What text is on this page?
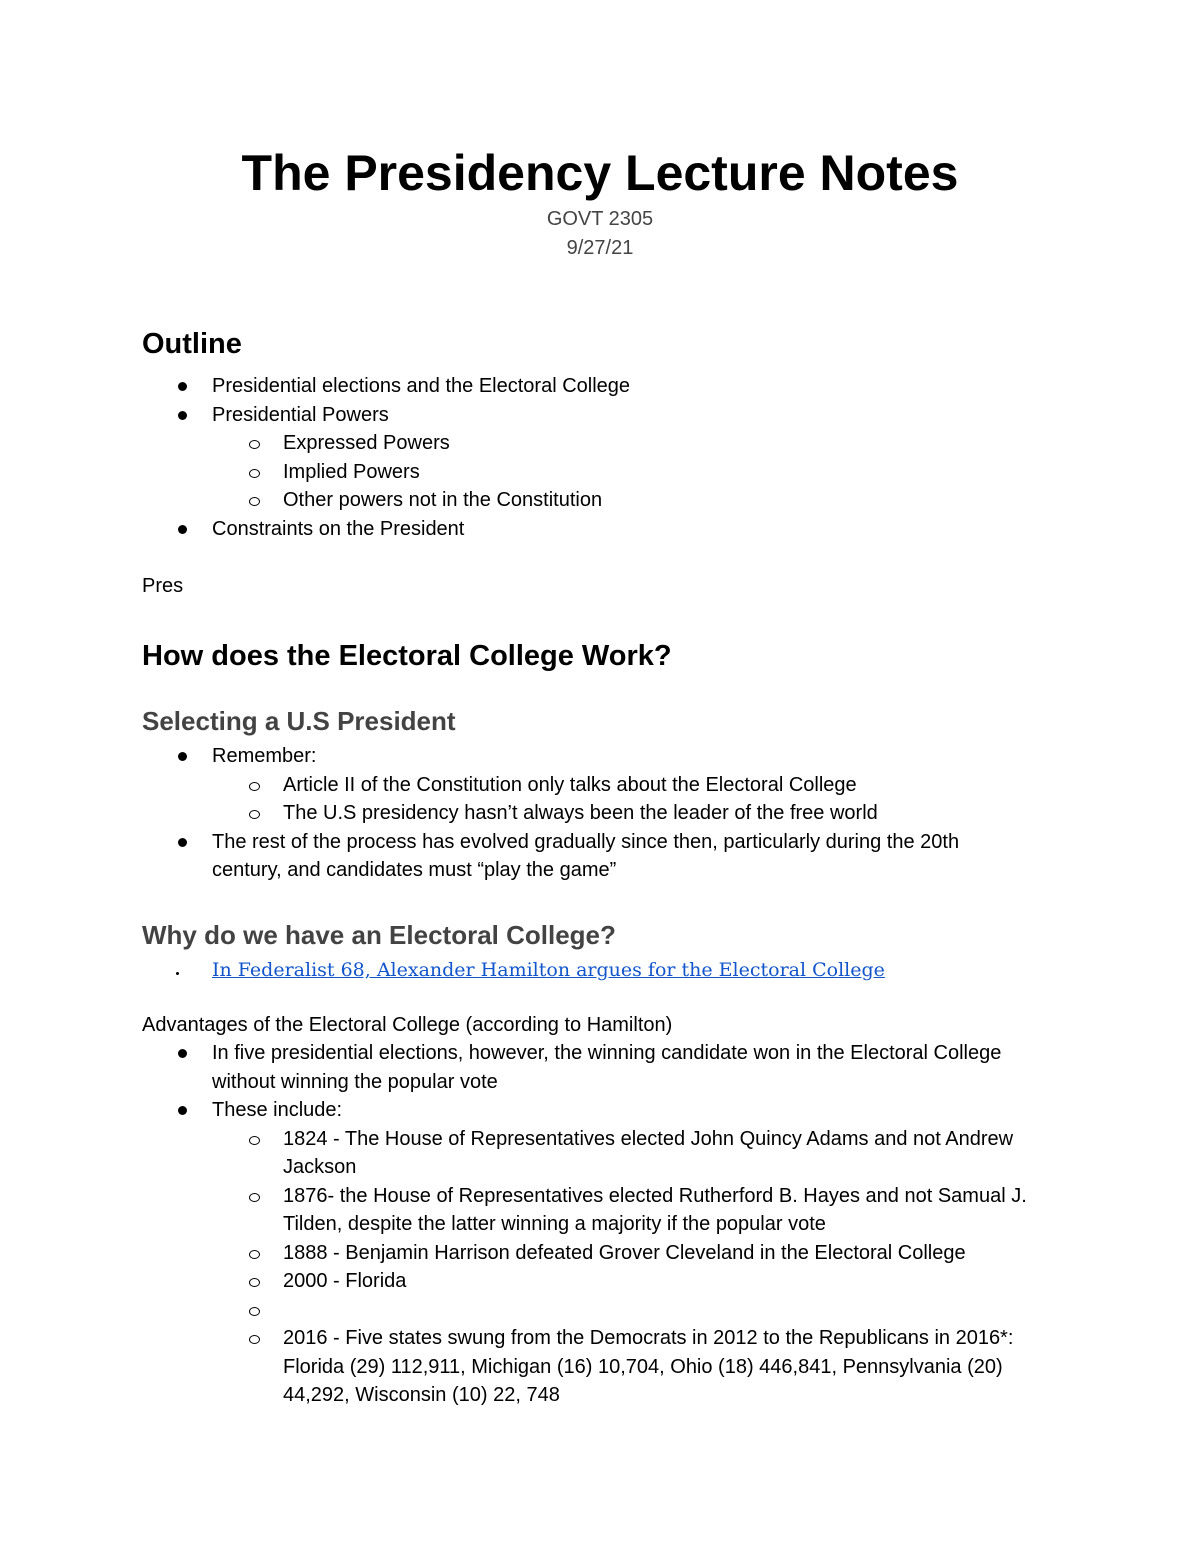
The Presidency Lecture Notes
GOVT 2305
9/27/21
Outline
Presidential elections and the Electoral College
Presidential Powers
Expressed Powers
Implied Powers
Other powers not in the Constitution
Constraints on the President
Pres
How does the Electoral College Work?
Selecting a U.S President
Remember:
Article II of the Constitution only talks about the Electoral College
The U.S presidency hasn’t always been the leader of the free world
The rest of the process has evolved gradually since then, particularly during the 20th century, and candidates must “play the game”
Why do we have an Electoral College?
In Federalist 68, Alexander Hamilton argues for the Electoral College
Advantages of the Electoral College (according to Hamilton)
In five presidential elections, however, the winning candidate won in the Electoral College without winning the popular vote
These include:
1824 - The House of Representatives elected John Quincy Adams and not Andrew Jackson
1876- the House of Representatives elected Rutherford B. Hayes and not Samual J. Tilden, despite the latter winning a majority if the popular vote
1888 - Benjamin Harrison defeated Grover Cleveland in the Electoral College
2000 - Florida
2016 - Five states swung from the Democrats in 2012 to the Republicans in 2016*: Florida (29) 112,911, Michigan (16) 10,704, Ohio (18) 446,841, Pennsylvania (20) 44,292, Wisconsin (10) 22, 748
